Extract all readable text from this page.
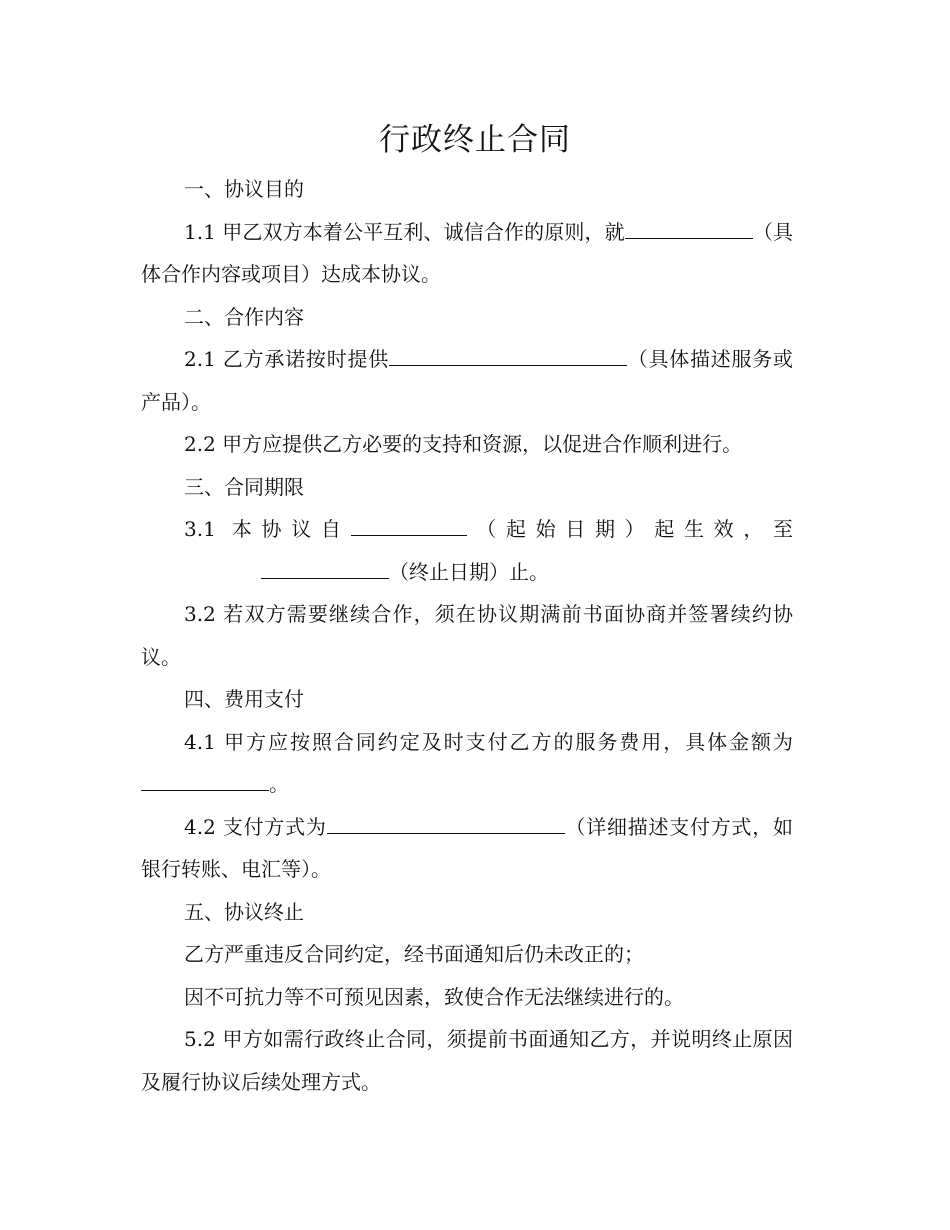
行政终止合同

一、协议目的

1.1 甲乙双方本着公平互利、诚信合作的原则，就	（具体合作内容或项目）达成本协议。

二、合作内容

2.1 乙方承诺按时提供	（具体描述服务或产品）。

2.2 甲方应提供乙方必要的支持和资源，以促进合作顺利进行。

三、合同期限

3.1 本协议自	（起始日期）起生效，至（终止日期）止。

3.2 若双方需要继续合作，须在协议期满前书面协商并签署续约协议。

四、费用支付

4.1 甲方应按照合同约定及时支付乙方的服务费用，具体金额为。

4.2 支付方式为	（详细描述支付方式，如银行转账、电汇等）。

五、协议终止

乙方严重违反合同约定，经书面通知后仍未改正的；

因不可抗力等不可预见因素，致使合作无法继续进行的。

5.2 甲方如需行政终止合同，须提前书面通知乙方，并说明终止原因及履行协议后续处理方式。
